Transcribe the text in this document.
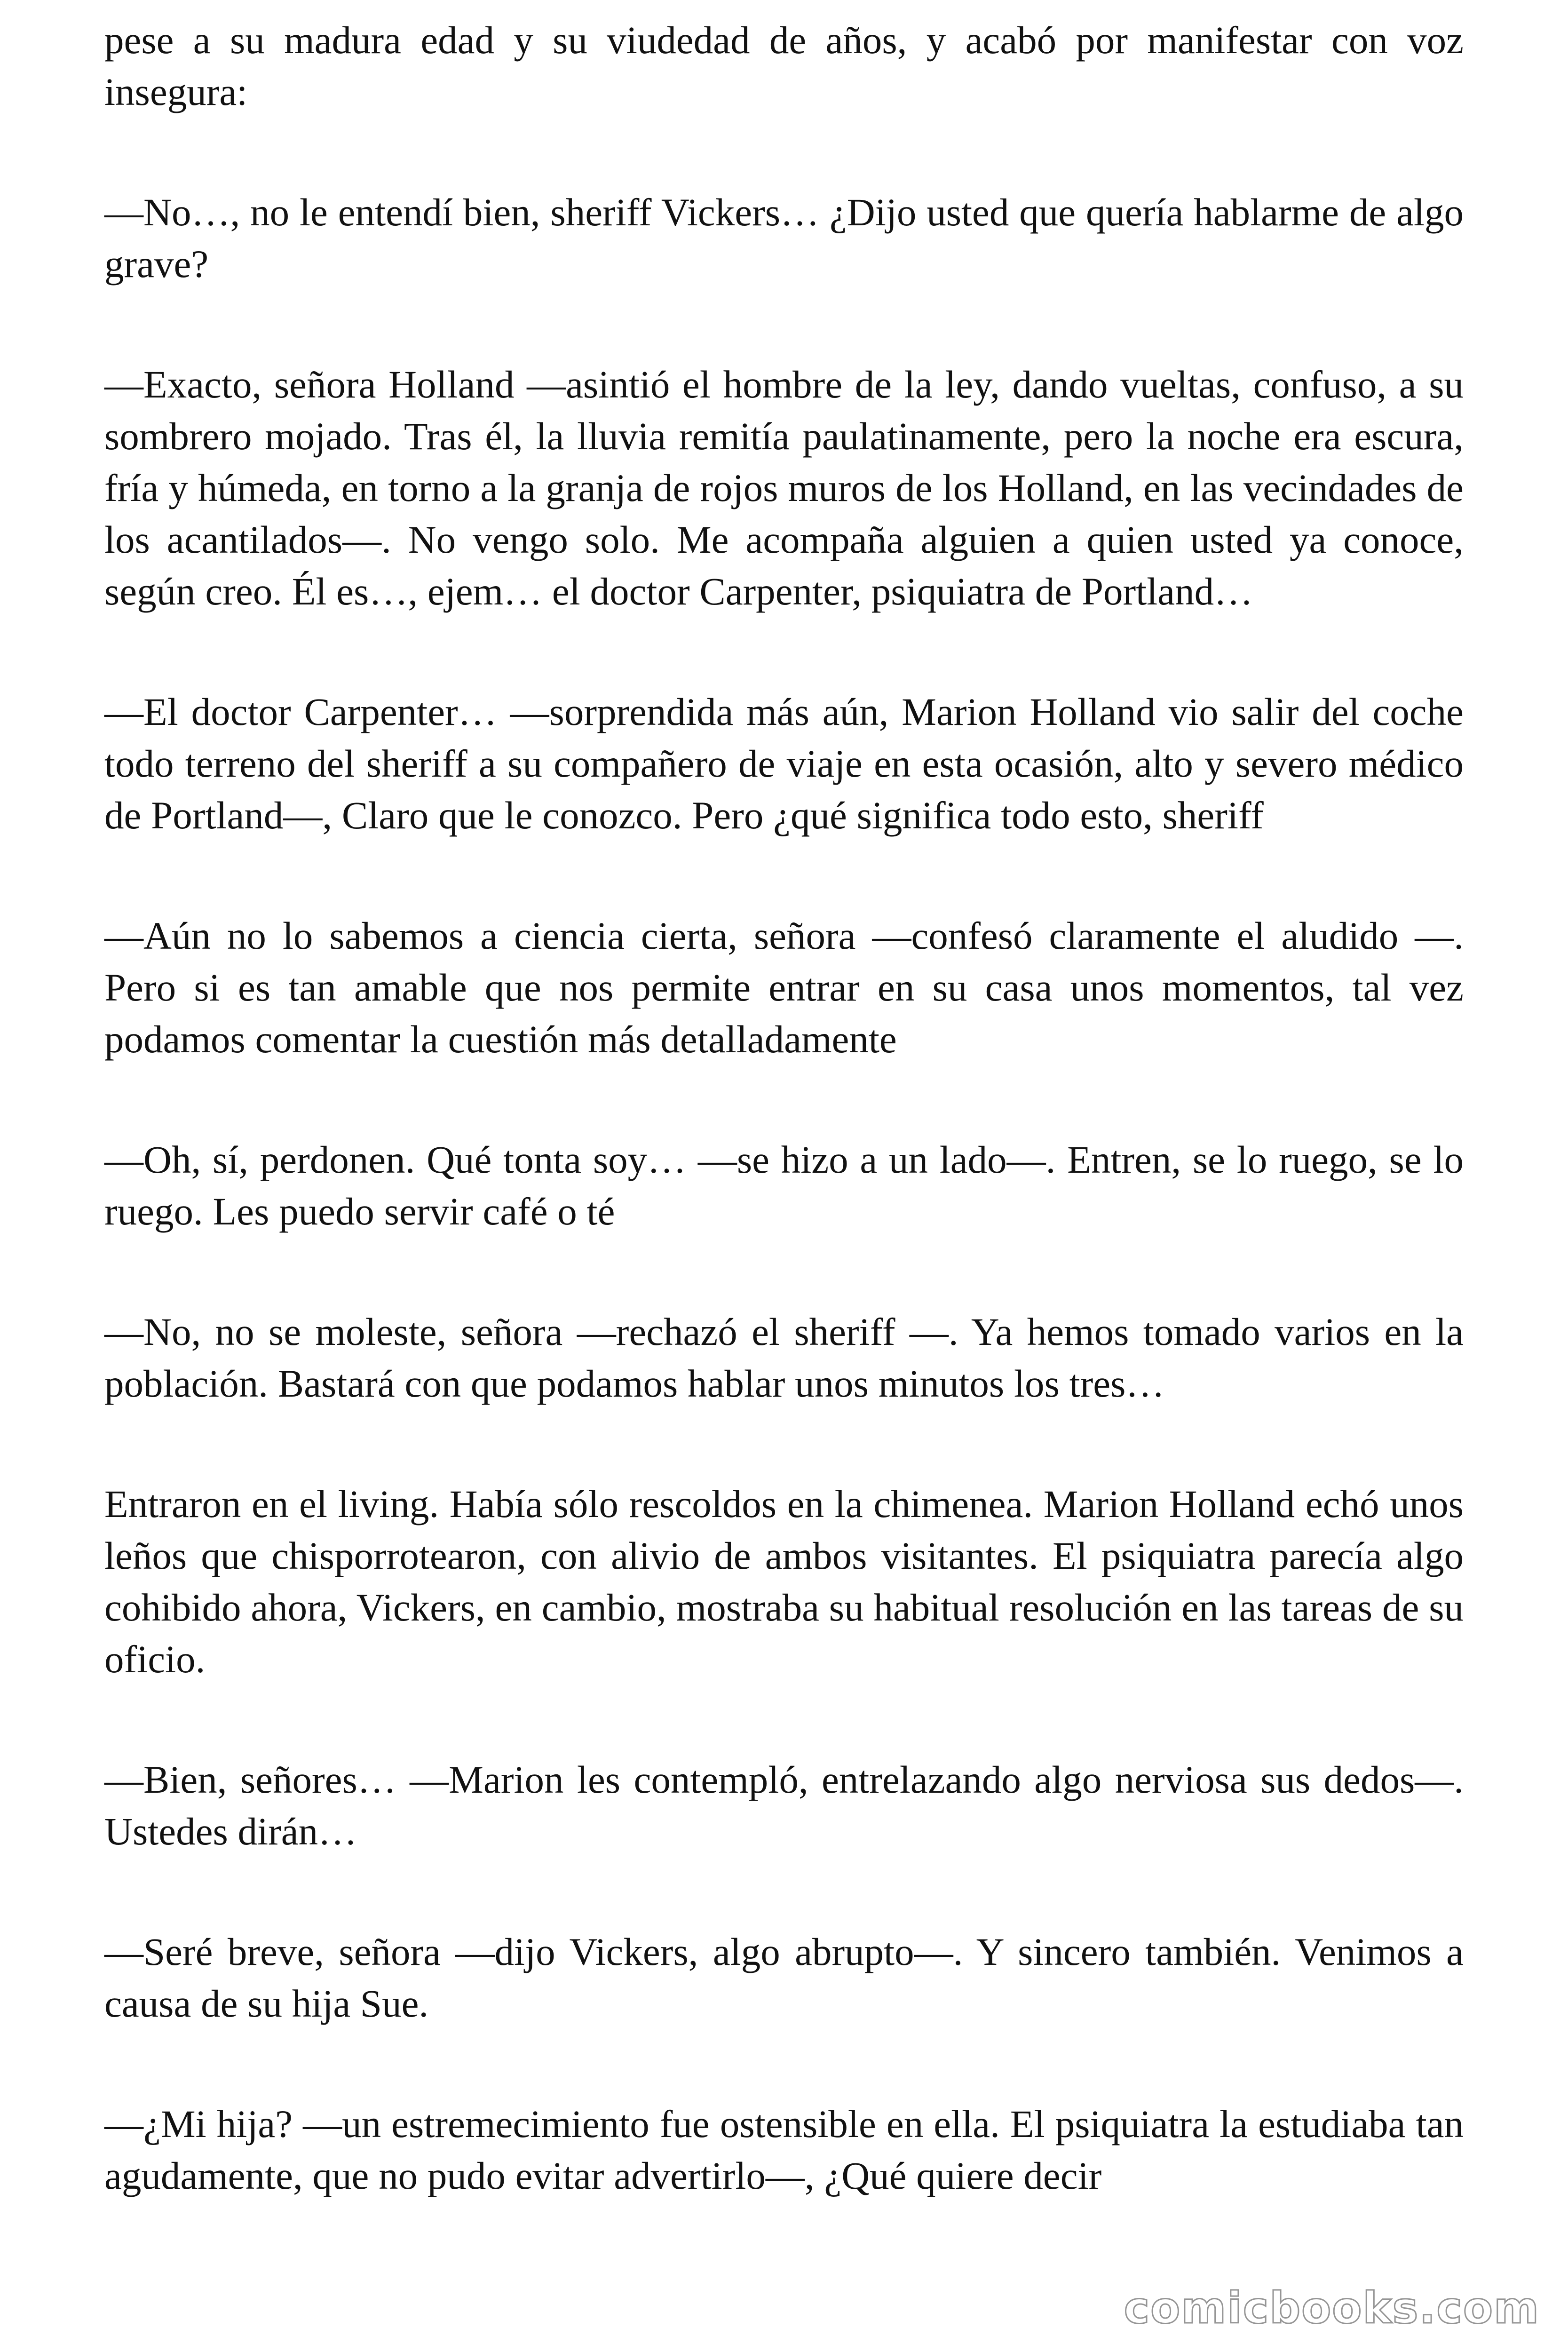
pese a su madura edad y su viudedad de años, y acabó por manifestar con voz insegura:

—No…, no le entendí bien, sheriff Vickers… ¿Dijo usted que quería hablarme de algo grave?

—Exacto, señora Holland —asintió el hombre de la ley, dando vueltas, confuso, a su sombrero mojado. Tras él, la lluvia remitía paulatinamente, pero la noche era escura, fría y húmeda, en torno a la granja de rojos muros de los Holland, en las vecindades de los acantilados—. No vengo solo. Me acompaña alguien a quien usted ya conoce, según creo. Él es…, ejem… el doctor Carpenter, psiquiatra de Portland…

—El doctor Carpenter… —sorprendida más aún, Marion Holland vio salir del coche todo terreno del sheriff a su compañero de viaje en esta ocasión, alto y severo médico de Portland—, Claro que le conozco. Pero ¿qué significa todo esto, sheriff

—Aún no lo sabemos a ciencia cierta, señora —confesó claramente el aludido —. Pero si es tan amable que nos permite entrar en su casa unos momentos, tal vez podamos comentar la cuestión más detalladamente

—Oh, sí, perdonen. Qué tonta soy… —se hizo a un lado—. Entren, se lo ruego, se lo ruego. Les puedo servir café o té

—No, no se moleste, señora —rechazó el sheriff —. Ya hemos tomado varios en la población. Bastará con que podamos hablar unos minutos los tres…

Entraron en el living. Había sólo rescoldos en la chimenea. Marion Holland echó unos leños que chisporrotearon, con alivio de ambos visitantes. El psiquiatra parecía algo cohibido ahora, Vickers, en cambio, mostraba su habitual resolución en las tareas de su oficio.

—Bien, señores… —Marion les contempló, entrelazando algo nerviosa sus dedos—. Ustedes dirán…

—Seré breve, señora —dijo Vickers, algo abrupto—. Y sincero también. Venimos a causa de su hija Sue.

—¿Mi hija? —un estremecimiento fue ostensible en ella. El psiquiatra la estudiaba tan agudamente, que no pudo evitar advertirlo—, ¿Qué quiere decir

comicbooks.com
